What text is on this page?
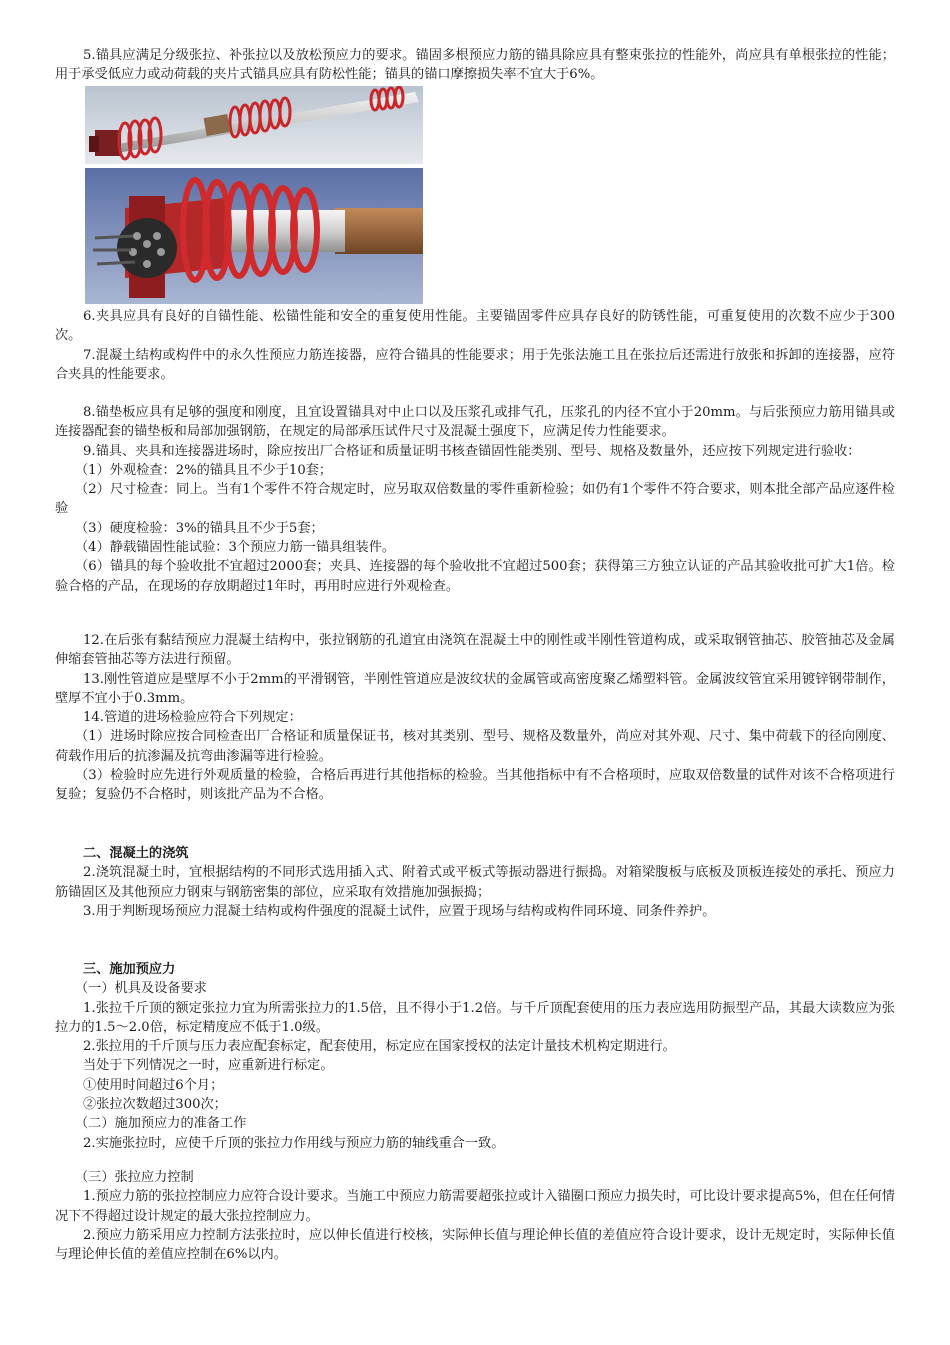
5.锚具应满足分级张拉、补张拉以及放松预应力的要求。锚固多根预应力筋的锚具除应具有整束张拉的性能外，尚应具有单根张拉的性能；用于承受低应力或动荷载的夹片式锚具应具有防松性能；锚具的锚口摩擦损失率不宜大于6%。

6.夹具应具有良好的自锚性能、松锚性能和安全的重复使用性能。主要锚固零件应具存良好的防锈性能，可重复使用的次数不应少于300次。

7.混凝土结构或构件中的永久性预应力筋连接器，应符合锚具的性能要求；用于先张法施工且在张拉后还需进行放张和拆卸的连接器，应符合夹具的性能要求。

8.锚垫板应具有足够的强度和刚度，且宜设置锚具对中止口以及压浆孔或排气孔，压浆孔的内径不宜小于20mm。与后张预应力筋用锚具或连接器配套的锚垫板和局部加强钢筋，在规定的局部承压试件尺寸及混凝土强度下，应满足传力性能要求。

9.锚具、夹具和连接器进场时，除应按出厂合格证和质量证明书核查锚固性能类别、型号、规格及数量外，还应按下列规定进行验收：

（1）外观检查：2%的锚具且不少于10套；

（2）尺寸检查：同上。当有1个零件不符合规定时，应另取双倍数量的零件重新检验；如仍有1个零件不符合要求，则本批全部产品应逐件检验

（3）硬度检验：3%的锚具且不少于5套；

（4）静载锚固性能试验：3个预应力筋一锚具组装件。

（6）锚具的每个验收批不宜超过2000套；夹具、连接器的每个验收批不宜超过500套；获得第三方独立认证的产品其验收批可扩大1倍。检验合格的产品，在现场的存放期超过1年时，再用时应进行外观检查。

12.在后张有黏结预应力混凝土结构中，张拉钢筋的孔道宜由浇筑在混凝土中的刚性或半刚性管道构成，或采取钢管抽芯、胶管抽芯及金属伸缩套管抽芯等方法进行预留。

13.刚性管道应是壁厚不小于2mm的平滑钢管，半刚性管道应是波纹状的金属管或高密度聚乙烯塑料管。金属波纹管宜采用镀锌钢带制作，壁厚不宜小于0.3mm。

14.管道的进场检验应符合下列规定：

（1）进场时除应按合同检查出厂合格证和质量保证书，核对其类别、型号、规格及数量外，尚应对其外观、尺寸、集中荷载下的径向刚度、荷载作用后的抗渗漏及抗弯曲渗漏等进行检验。

（3）检验时应先进行外观质量的检验，合格后再进行其他指标的检验。当其他指标中有不合格项时，应取双倍数量的试件对该不合格项进行复验；复验仍不合格时，则该批产品为不合格。

二、混凝土的浇筑

2.浇筑混凝土时，宜根据结构的不同形式选用插入式、附着式或平板式等振动器进行振捣。对箱梁腹板与底板及顶板连接处的承托、预应力筋锚固区及其他预应力钢束与钢筋密集的部位，应采取有效措施加强振捣；

3.用于判断现场预应力混凝土结构或构件强度的混凝土试件，应置于现场与结构或构件同环境、同条件养护。

三、施加预应力

（一）机具及设备要求

1.张拉千斤顶的额定张拉力宜为所需张拉力的1.5倍，且不得小于1.2倍。与千斤顶配套使用的压力表应选用防振型产品，其最大读数应为张拉力的1.5～2.0倍，标定精度应不低于1.0级。

2.张拉用的千斤顶与压力表应配套标定，配套使用，标定应在国家授权的法定计量技术机构定期进行。

当处于下列情况之一时，应重新进行标定。

①使用时间超过6个月；

②张拉次数超过300次；

（二）施加预应力的准备工作

2.实施张拉时，应使千斤顶的张拉力作用线与预应力筋的轴线重合一致。

（三）张拉应力控制

1.预应力筋的张拉控制应力应符合设计要求。当施工中预应力筋需要超张拉或计入锚圈口预应力损失时，可比设计要求提高5%，但在任何情况下不得超过设计规定的最大张拉控制应力。

2.预应力筋采用应力控制方法张拉时，应以伸长值进行校核，实际伸长值与理论伸长值的差值应符合设计要求，设计无规定时，实际伸长值与理论伸长值的差值应控制在6%以内。
